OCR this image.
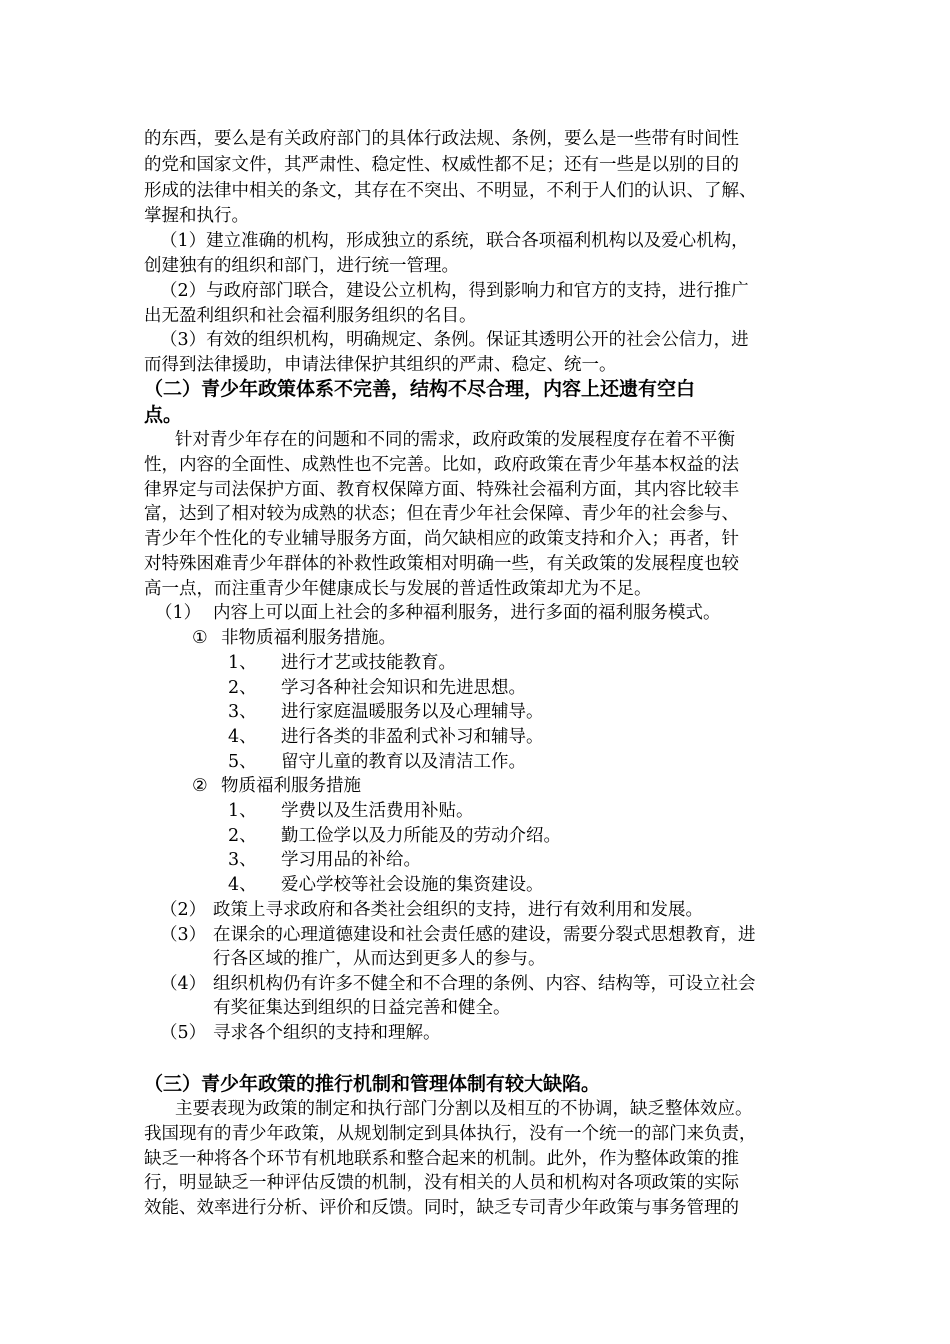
的东西，要么是有关政府部门的具体行政法规、条例，要么是一些带有时间性
的党和国家文件，其严肃性、稳定性、权威性都不足；还有一些是以别的目的
形成的法律中相关的条文，其存在不突出、不明显，不利于人们的认识、了解、
掌握和执行。
（1）建立准确的机构，形成独立的系统，联合各项福利机构以及爱心机构，
创建独有的组织和部门，进行统一管理。
（2）与政府部门联合，建设公立机构，得到影响力和官方的支持，进行推广
出无盈利组织和社会福利服务组织的名目。
（3）有效的组织机构，明确规定、条例。保证其透明公开的社会公信力，进
而得到法律援助，申请法律保护其组织的严肃、稳定、统一。
（二）青少年政策体系不完善，结构不尽合理，内容上还遗有空白
点。
针对青少年存在的问题和不同的需求，政府政策的发展程度存在着不平衡
性，内容的全面性、成熟性也不完善。比如，政府政策在青少年基本权益的法
律界定与司法保护方面、教育权保障方面、特殊社会福利方面，其内容比较丰
富，达到了相对较为成熟的状态；但在青少年社会保障、青少年的社会参与、
青少年个性化的专业辅导服务方面，尚欠缺相应的政策支持和介入；再者，针
对特殊困难青少年群体的补救性政策相对明确一些，有关政策的发展程度也较
高一点，而注重青少年健康成长与发展的普适性政策却尤为不足。
（1） 内容上可以面上社会的多种福利服务，进行多面的福利服务模式。
① 非物质福利服务措施。
1、 进行才艺或技能教育。
2、 学习各种社会知识和先进思想。
3、 进行家庭温暖服务以及心理辅导。
4、 进行各类的非盈利式补习和辅导。
5、 留守儿童的教育以及清洁工作。
② 物质福利服务措施
1、 学费以及生活费用补贴。
2、 勤工俭学以及力所能及的劳动介绍。
3、 学习用品的补给。
4、 爱心学校等社会设施的集资建设。
（2） 政策上寻求政府和各类社会组织的支持，进行有效利用和发展。
（3） 在课余的心理道德建设和社会责任感的建设，需要分裂式思想教育，进
行各区域的推广，从而达到更多人的参与。
（4） 组织机构仍有许多不健全和不合理的条例、内容、结构等，可设立社会
有奖征集达到组织的日益完善和健全。
（5） 寻求各个组织的支持和理解。
（三）青少年政策的推行机制和管理体制有较大缺陷。
主要表现为政策的制定和执行部门分割以及相互的不协调，缺乏整体效应。
我国现有的青少年政策，从规划制定到具体执行，没有一个统一的部门来负责，
缺乏一种将各个环节有机地联系和整合起来的机制。此外，作为整体政策的推
行，明显缺乏一种评估反馈的机制，没有相关的人员和机构对各项政策的实际
效能、效率进行分析、评价和反馈。同时，缺乏专司青少年政策与事务管理的
